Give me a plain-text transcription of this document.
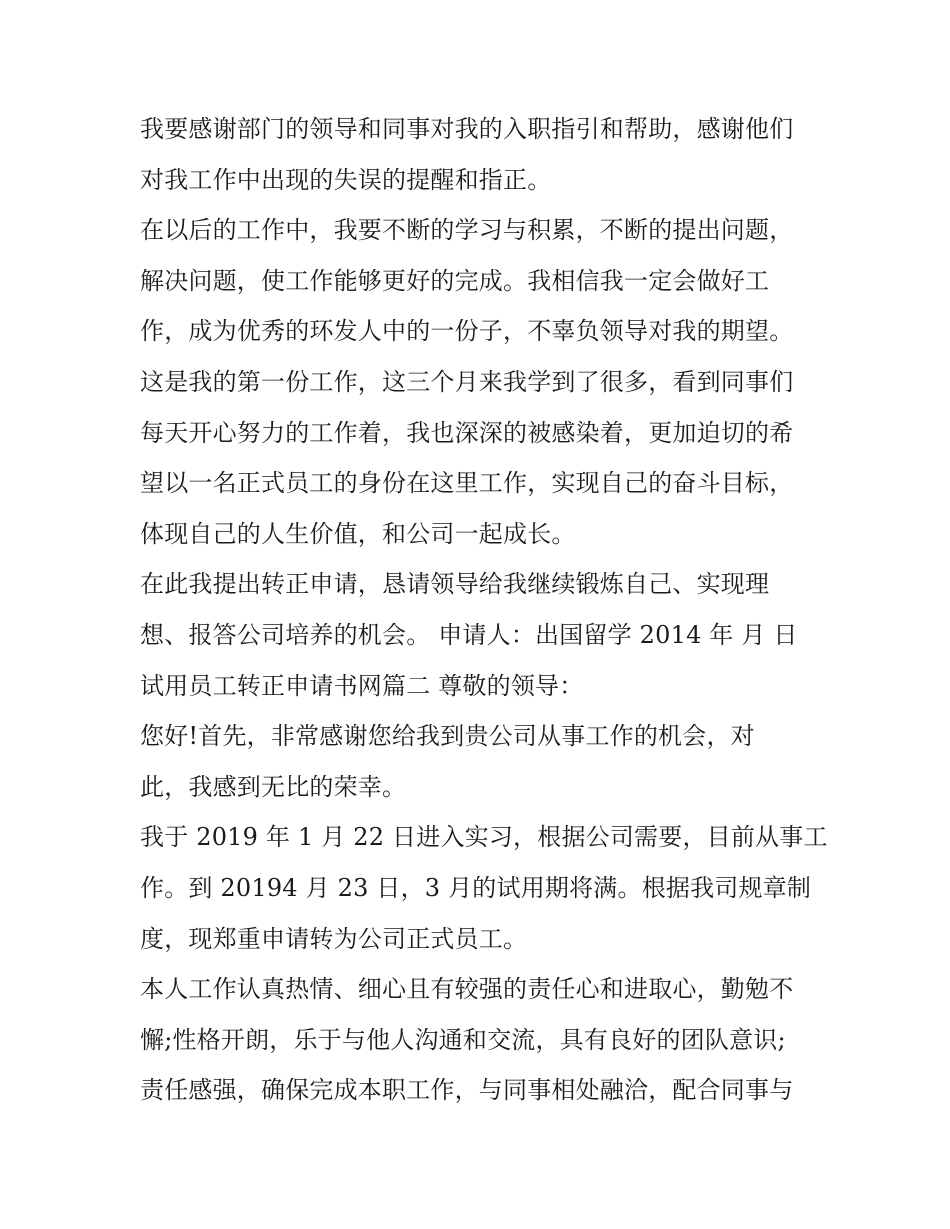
我要感谢部门的领导和同事对我的入职指引和帮助，感谢他们
对我工作中出现的失误的提醒和指正。
在以后的工作中，我要不断的学习与积累，不断的提出问题，
解决问题，使工作能够更好的完成。我相信我一定会做好工
作，成为优秀的环发人中的一份子，不辜负领导对我的期望。
这是我的第一份工作，这三个月来我学到了很多，看到同事们
每天开心努力的工作着，我也深深的被感染着，更加迫切的希
望以一名正式员工的身份在这里工作，实现自己的奋斗目标，
体现自己的人生价值，和公司一起成长。
在此我提出转正申请，恳请领导给我继续锻炼自己、实现理
想、报答公司培养的机会。 申请人：出国留学 2014 年 月 日
试用员工转正申请书网篇二 尊敬的领导：
您好!首先，非常感谢您给我到贵公司从事工作的机会，对
此，我感到无比的荣幸。
我于 2019 年 1 月 22 日进入实习，根据公司需要，目前从事工
作。到 20194 月 23 日，3 月的试用期将满。根据我司规章制
度，现郑重申请转为公司正式员工。
本人工作认真热情、细心且有较强的责任心和进取心，勤勉不
懈;性格开朗，乐于与他人沟通和交流，具有良好的团队意识;
责任感强，确保完成本职工作，与同事相处融洽，配合同事与
